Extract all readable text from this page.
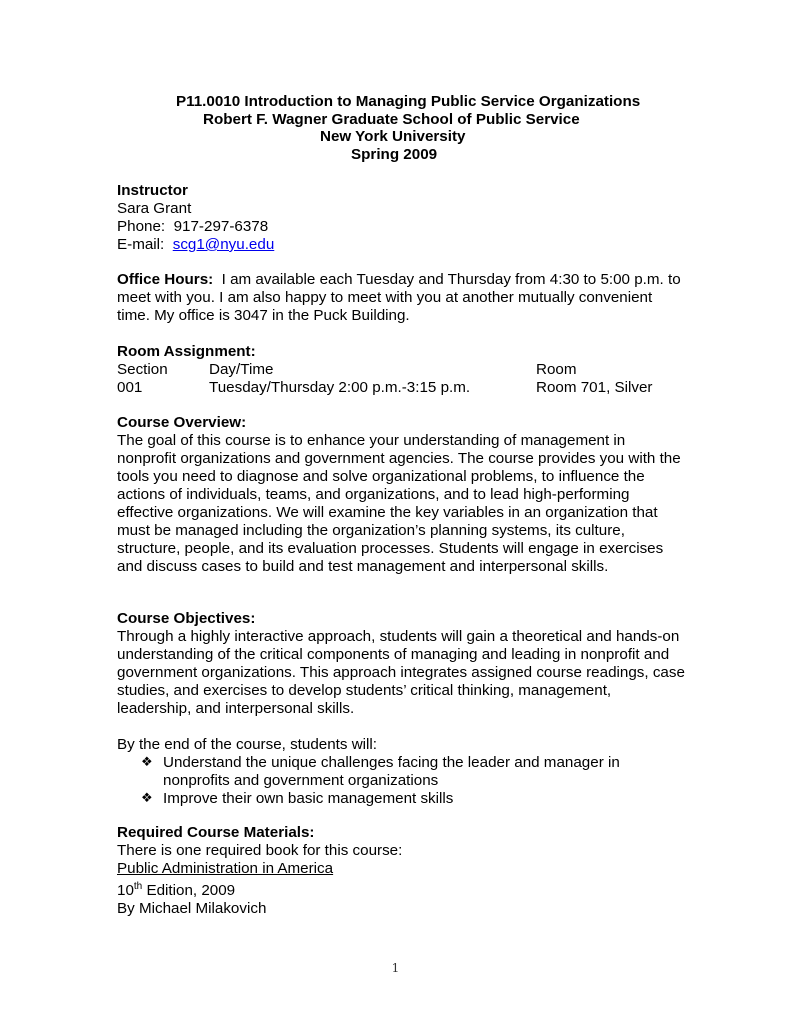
P11.0010 Introduction to Managing Public Service Organizations
Robert F. Wagner Graduate School of Public Service
New York University
Spring 2009
Instructor
Sara Grant
Phone: 917-297-6378
E-mail: scg1@nyu.edu

Office Hours: I am available each Tuesday and Thursday from 4:30 to 5:00 p.m. to meet with you. I am also happy to meet with you at another mutually convenient time. My office is 3047 in the Puck Building.

Room Assignment:
Section	Day/Time	Room
001	Tuesday/Thursday 2:00 p.m.-3:15 p.m.	Room 701, Silver
Course Overview:

The goal of this course is to enhance your understanding of management in nonprofit organizations and government agencies. The course provides you with the tools you need to diagnose and solve organizational problems, to influence the actions of individuals, teams, and organizations, and to lead high-performing effective organizations. We will examine the key variables in an organization that must be managed including the organization’s planning systems, its culture, structure, people, and its evaluation processes. Students will engage in exercises and discuss cases to build and test management and interpersonal skills.

Course Objectives:

Through a highly interactive approach, students will gain a theoretical and hands-on understanding of the critical components of managing and leading in nonprofit and government organizations. This approach integrates assigned course readings, case studies, and exercises to develop students’ critical thinking, management, leadership, and interpersonal skills.

By the end of the course, students will:

❖ Understand the unique challenges facing the leader and manager in nonprofits and government organizations
❖ Improve their own basic management skills
Required Course Materials:
There is one required book for this course:
Public Administration in America
10th Edition, 2009
By Michael Milakovich
1
